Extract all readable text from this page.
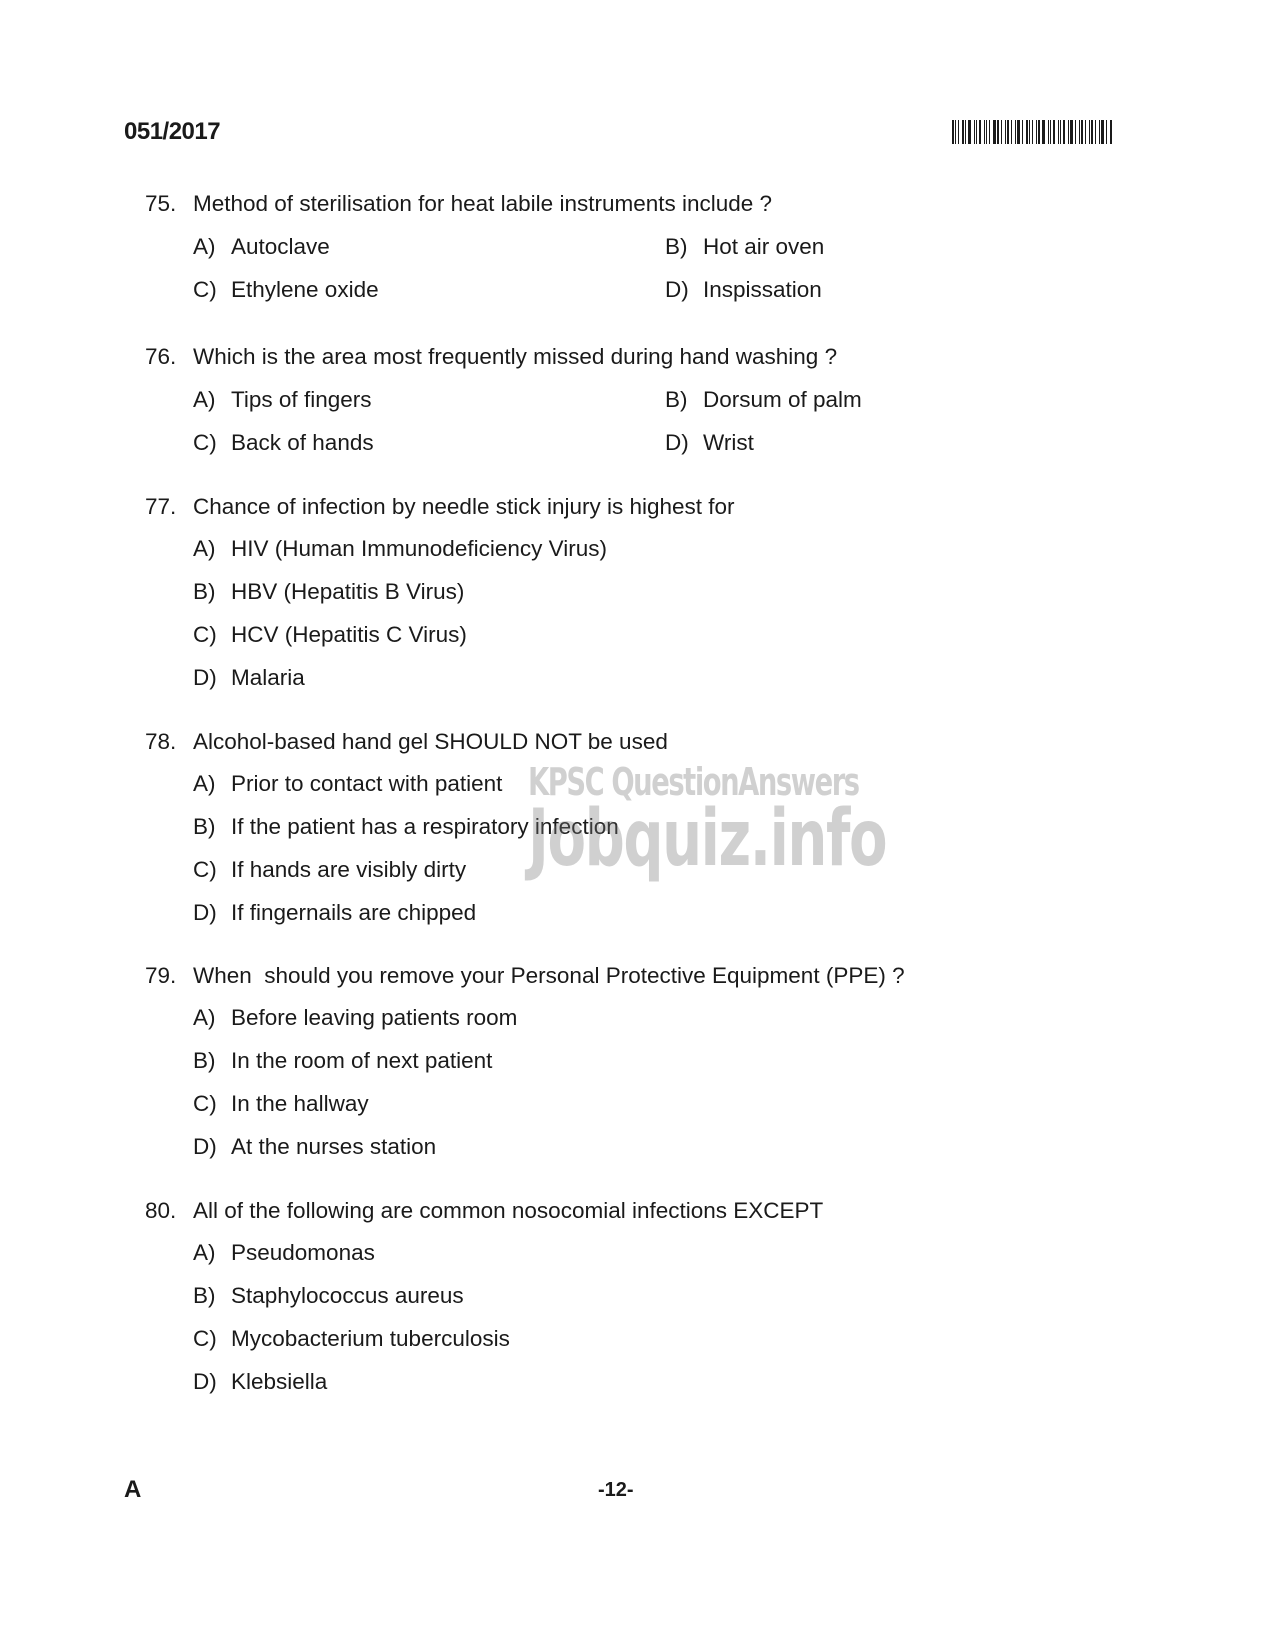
051/2017
75. Method of sterilisation for heat labile instruments include ?
A) Autoclave	B) Hot air oven
C) Ethylene oxide	D) Inspissation
76. Which is the area most frequently missed during hand washing ?
A) Tips of fingers	B) Dorsum of palm
C) Back of hands	D) Wrist
77. Chance of infection by needle stick injury is highest for
A) HIV (Human Immunodeficiency Virus)
B) HBV (Hepatitis B Virus)
C) HCV (Hepatitis C Virus)
D) Malaria
78. Alcohol-based hand gel SHOULD NOT be used
A) Prior to contact with patient
B) If the patient has a respiratory infection
C) If hands are visibly dirty
D) If fingernails are chipped
79. When  should you remove your Personal Protective Equipment (PPE) ?
A) Before leaving patients room
B) In the room of next patient
C) In the hallway
D) At the nurses station
80. All of the following are common nosocomial infections EXCEPT
A) Pseudomonas
B) Staphylococcus aureus
C) Mycobacterium tuberculosis
D) Klebsiella
KPSC QuestionAnswers
Jobquiz.info
A	-12-
